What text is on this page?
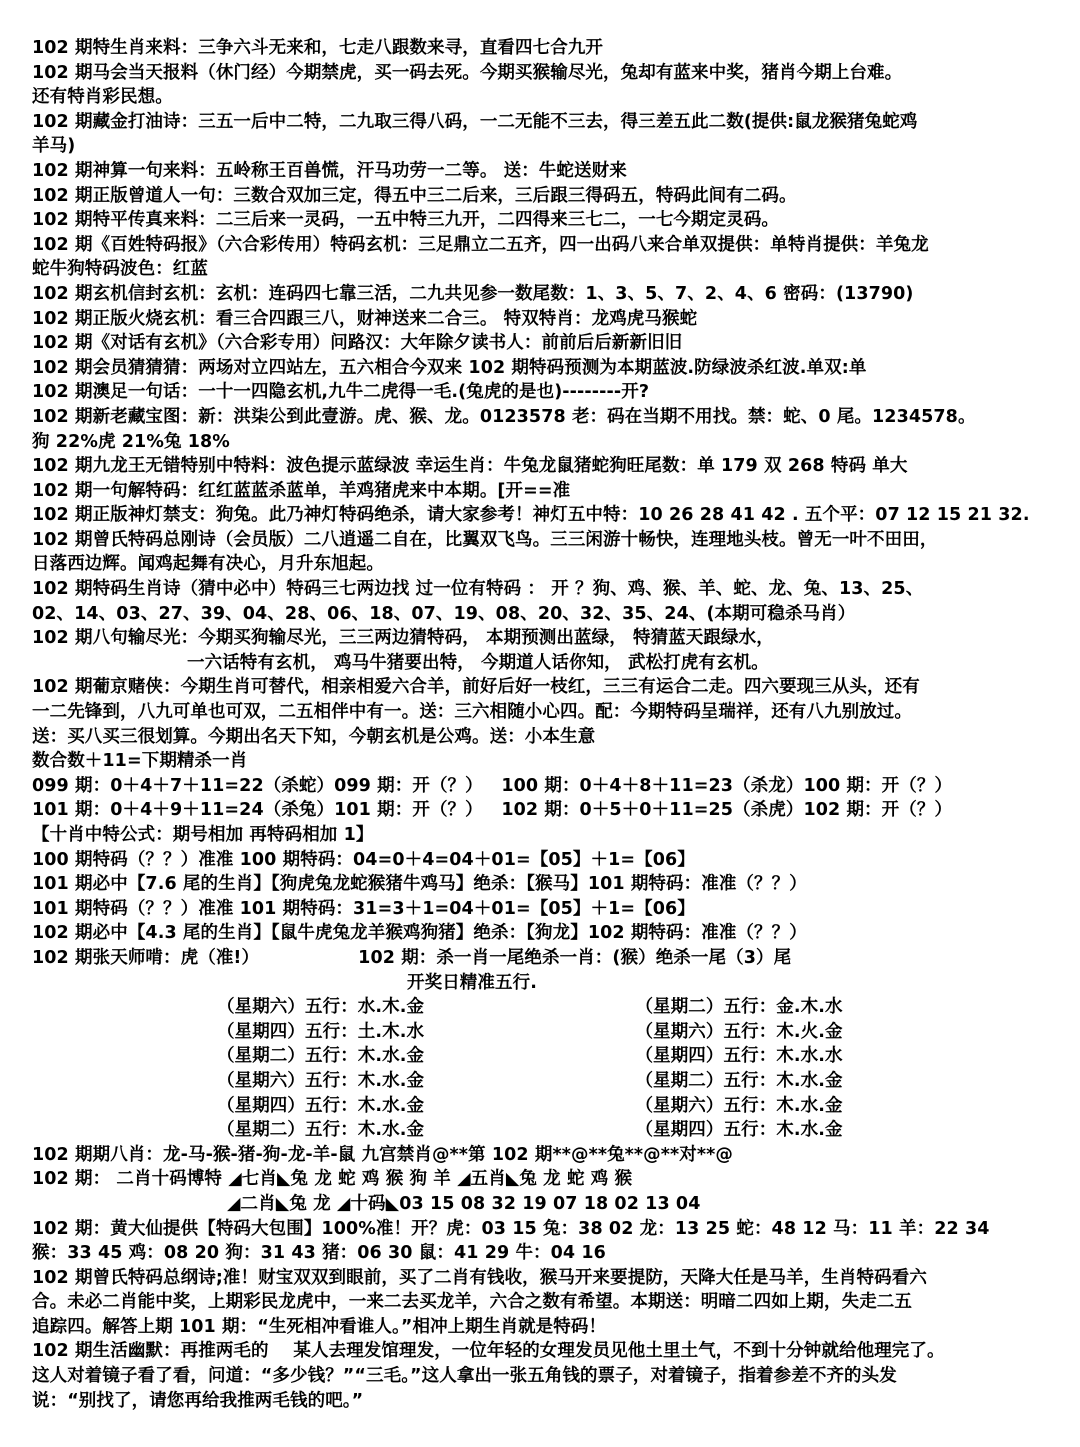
102 期特生肖来料：三争六斗无来和，七走八跟数来寻，直看四七合九开
102 期马会当天报料（休门经）今期禁虎，买一码去死。今期买猴输尽光，兔却有蓝来中奖，猪肖今期上台难。
还有特肖彩民想。
102 期藏金打油诗：三五一后中二特，二九取三得八码，一二无能不三去，得三差五此二数(提供:鼠龙猴猪兔蛇鸡
羊马)
102 期神算一句来料：五岭称王百兽慌，汗马功劳一二等。 送：牛蛇送财来
102 期正版曾道人一句：三数合双加三定，得五中三二后来，三后跟三得码五，特码此间有二码。
102 期特平传真来料：二三后来一灵码，一五中特三九开，二四得来三七二，一七今期定灵码。
102 期《百姓特码报》（六合彩传用）特码玄机：三足鼎立二五齐，四一出码八来合单双提供：单特肖提供：羊兔龙
蛇牛狗特码波色：红蓝
102 期玄机信封玄机：玄机：连码四七靠三活，二九共见参一数尾数：1、3、5、7、2、4、6 密码：(13790)
102 期正版火烧玄机：看三合四跟三八，财神送来二合三。 特双特肖：龙鸡虎马猴蛇
102 期《对话有玄机》（六合彩专用）问路汉：大年除夕读书人：前前后后新新旧旧
102 期会员猜猜猜：两场对立四站左，五六相合今双来 102 期特码预测为本期蓝波.防绿波杀红波.单双:单
102 期澳足一句话：一十一四隐玄机,九牛二虎得一毛.(兔虎的是也)--------开?
102 期新老藏宝图：新：洪柒公到此壹游。虎、猴、龙。0123578 老：码在当期不用找。禁：蛇、0 尾。1234578。
狗 22%虎 21%兔 18%
102 期九龙王无错特别中特料：波色提示蓝绿波 幸运生肖：牛兔龙鼠猪蛇狗旺尾数：单 179 双 268 特码 单大
102 期一句解特码：红红蓝蓝杀蓝单，羊鸡猪虎来中本期。[开==准
102 期正版神灯禁支：狗兔。此乃神灯特码绝杀，请大家参考！神灯五中特：10 26 28 41 42 . 五个平：07 12 15 21 32.
102 期曾氏特码总刚诗（会员版）二八逍遥二自在，比翼双飞鸟。三三闲游十畅快，连理地头枝。曾无一叶不田田，
日落西边辉。闻鸡起舞有决心，月升东旭起。
102 期特码生肖诗（猜中必中）特码三七两边找 过一位有特码 ： 开 ？狗、鸡、猴、羊、蛇、龙、兔、13、25、
02、14、03、27、39、04、28、06、18、07、19、08、20、32、35、24、(本期可稳杀马肖）
102 期八句输尽光：今期买狗输尽光，三三两边猜特码， 本期预测出蓝绿， 特猜蓝天跟绿水，
一六话特有玄机， 鸡马牛猪要出特， 今期道人话你知， 武松打虎有玄机。
102 期葡京赌侠：今期生肖可替代，相亲相爱六合羊，前好后好一枝红，三三有运合二走。四六要现三从头，还有
一二先锋到，八九可单也可双，二五相伴中有一。送：三六相随小心四。配：今期特码呈瑞祥，还有八九别放过。
送：买八买三很划算。今期出名天下知，今朝玄机是公鸡。送：小本生意
数合数＋11=下期精杀一肖
099 期：0＋4＋7＋11=22（杀蛇）099 期：开（？）   100 期：0＋4＋8＋11=23（杀龙）100 期：开（？）
101 期：0＋4＋9＋11=24（杀兔）101 期：开（？）   102 期：0＋5＋0＋11=25（杀虎）102 期：开（？）
【十肖中特公式：期号相加 再特码相加 1】
100 期特码（？？）准准 100 期特码：04=0＋4=04＋01=【05】＋1=【06】
101 期必中【7.6 尾的生肖】【狗虎兔龙蛇猴猪牛鸡马】绝杀：【猴马】101 期特码：准准（？？）
101 期特码（？？）准准 101 期特码：31=3＋1=04＋01=【05】＋1=【06】
102 期必中【4.3 尾的生肖】【鼠牛虎兔龙羊猴鸡狗猪】绝杀：【狗龙】102 期特码：准准（？？）
102 期张天师啃：虎（准!）                102 期：杀一肖一尾绝杀一肖：(猴）绝杀一尾（3）尾
开奖日精准五行.
（星期六）五行：水.木.金	（星期二）五行：金.木.水
（星期四）五行：土.木.水	（星期六）五行：木.火.金
（星期二）五行：木.水.金	（星期四）五行：木.水.水
（星期六）五行：木.水.金	（星期二）五行：木.水.金
（星期四）五行：木.水.金	（星期六）五行：木.水.金
（星期二）五行：木.水.金	（星期四）五行：木.水.金
102 期期八肖：龙-马-猴-猪-狗-龙-羊-鼠 九宫禁肖@**第 102 期**@**兔**@**对**@
102 期： 二肖十码博特 ◢七肖◣兔 龙 蛇 鸡 猴 狗 羊 ◢五肖◣兔 龙 蛇 鸡 猴
◢二肖◣兔 龙 ◢十码◣03 15 08 32 19 07 18 02 13 04
102 期：黄大仙提供【特码大包围】100%准！开？虎：03 15 兔：38 02 龙：13 25 蛇：48 12 马：11 羊：22 34
猴：33 45 鸡：08 20 狗：31 43 猪：06 30 鼠：41 29 牛：04 16
102 期曾氏特码总纲诗;准！财宝双双到眼前，买了二肖有钱收，猴马开来要提防，天降大任是马羊，生肖特码看六
合。未必二肖能中奖，上期彩民龙虎中，一来二去买龙羊，六合之数有希望。本期送：明暗二四如上期，失走二五
追踪四。解答上期 101 期：“生死相冲看谁人。”相冲上期生肖就是特码！
102 期生活幽默：再推两毛的    某人去理发馆理发，一位年轻的女理发员见他土里土气，不到十分钟就给他理完了。
这人对着镜子看了看，问道：“多少钱？”“三毛。”这人拿出一张五角钱的票子，对着镜子，指着参差不齐的头发
说：“别找了，请您再给我推两毛钱的吧。”
